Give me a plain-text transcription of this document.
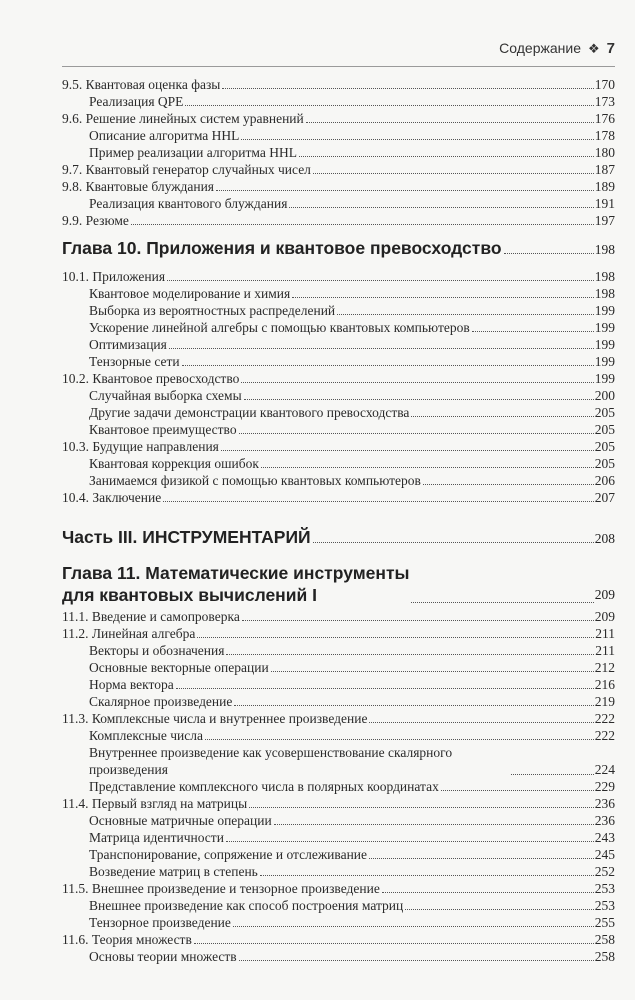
Содержание ❖ 7
9.5. Квантовая оценка фазы	170
Реализация QPE	173
9.6. Решение линейных систем уравнений	176
Описание алгоритма HHL	178
Пример реализации алгоритма HHL	180
9.7. Квантовый генератор случайных чисел	187
9.8. Квантовые блуждания	189
Реализация квантового блуждания	191
9.9. Резюме	197
Глава 10. Приложения и квантовое превосходство	198
10.1. Приложения	198
Квантовое моделирование и химия	198
Выборка из вероятностных распределений	199
Ускорение линейной алгебры с помощью квантовых компьютеров	199
Оптимизация	199
Тензорные сети	199
10.2. Квантовое превосходство	199
Случайная выборка схемы	200
Другие задачи демонстрации квантового превосходства	205
Квантовое преимущество	205
10.3. Будущие направления	205
Квантовая коррекция ошибок	205
Занимаемся физикой с помощью квантовых компьютеров	206
10.4. Заключение	207
Часть III. ИНСТРУМЕНТАРИЙ	208
Глава 11. Математические инструменты
для квантовых вычислений I	209
11.1. Введение и самопроверка	209
11.2. Линейная алгебра	211
Векторы и обозначения	211
Основные векторные операции	212
Норма вектора	216
Скалярное произведение	219
11.3. Комплексные числа и внутреннее произведение	222
Комплексные числа	222
Внутреннее произведение как усовершенствование скалярного произведения	224
Представление комплексного числа в полярных координатах	229
11.4. Первый взгляд на матрицы	236
Основные матричные операции	236
Матрица идентичности	243
Транспонирование, сопряжение и отслеживание	245
Возведение матриц в степень	252
11.5. Внешнее произведение и тензорное произведение	253
Внешнее произведение как способ построения матриц	253
Тензорное произведение	255
11.6. Теория множеств	258
Основы теории множеств	258
